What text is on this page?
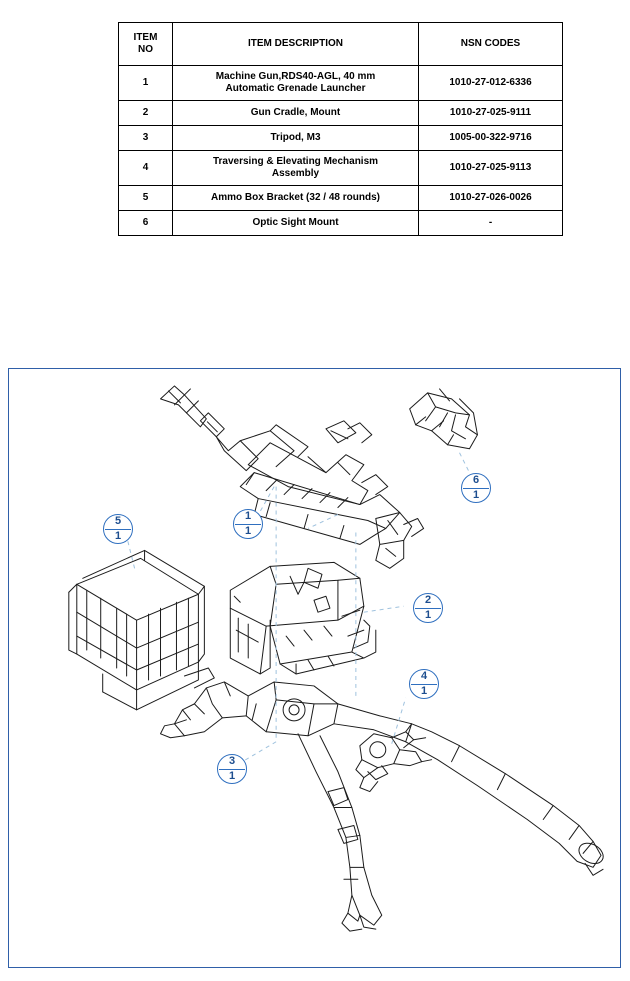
ITEM
NO	ITEM DESCRIPTION	NSN CODES
1	Machine Gun,RDS40-AGL, 40 mm
Automatic Grenade Launcher	1010-27-012-6336
2	Gun Cradle, Mount	1010-27-025-9111
3	Tripod, M3	1005-00-322-9716
4	Traversing & Elevating Mechanism
Assembly	1010-27-025-9113
5	Ammo Box Bracket (32 / 48 rounds)	1010-27-026-0026
6	Optic Sight Mount	-
6
1
1
1
5
1
2
1
4
1
3
1
